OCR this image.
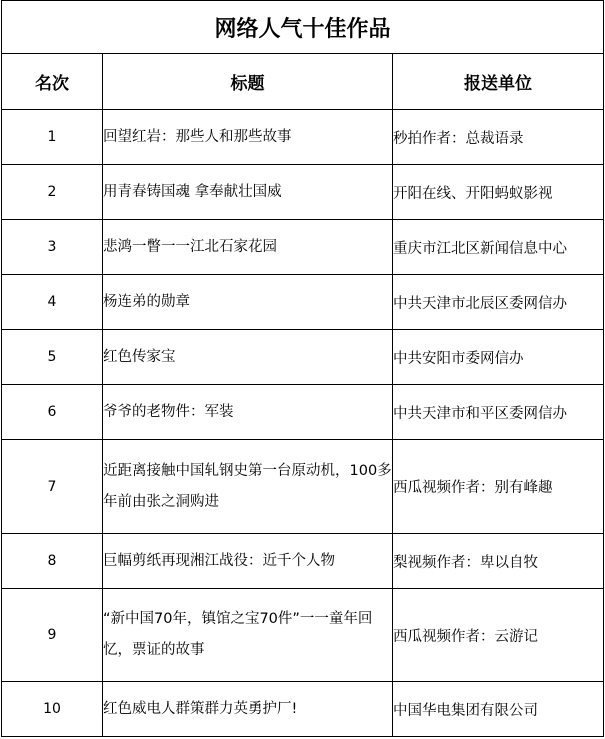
网络人气十佳作品		
名次	标题	报送单位
1	回望红岩：那些人和那些故事	秒拍作者：总裁语录
2	用青春铸国魂 拿奉献壮国威	开阳在线、开阳蚂蚁影视
3	悲鸿一瞥一一江北石家花园	重庆市江北区新闻信息中心
4	杨连弟的勋章	中共天津市北辰区委网信办
5	红色传家宝	中共安阳市委网信办
6	爷爷的老物件：军装	中共天津市和平区委网信办
7	近距离接触中国轧钢史第一台原动机，100多年前由张之洞购进	西瓜视频作者：别有峰趣
8	巨幅剪纸再现湘江战役：近千个人物	梨视频作者：卑以自牧
9	“新中国70年，镇馆之宝70件”一一童年回忆，票证的故事	西瓜视频作者：云游记
10	红色威电人群策群力英勇护厂!	中国华电集团有限公司
